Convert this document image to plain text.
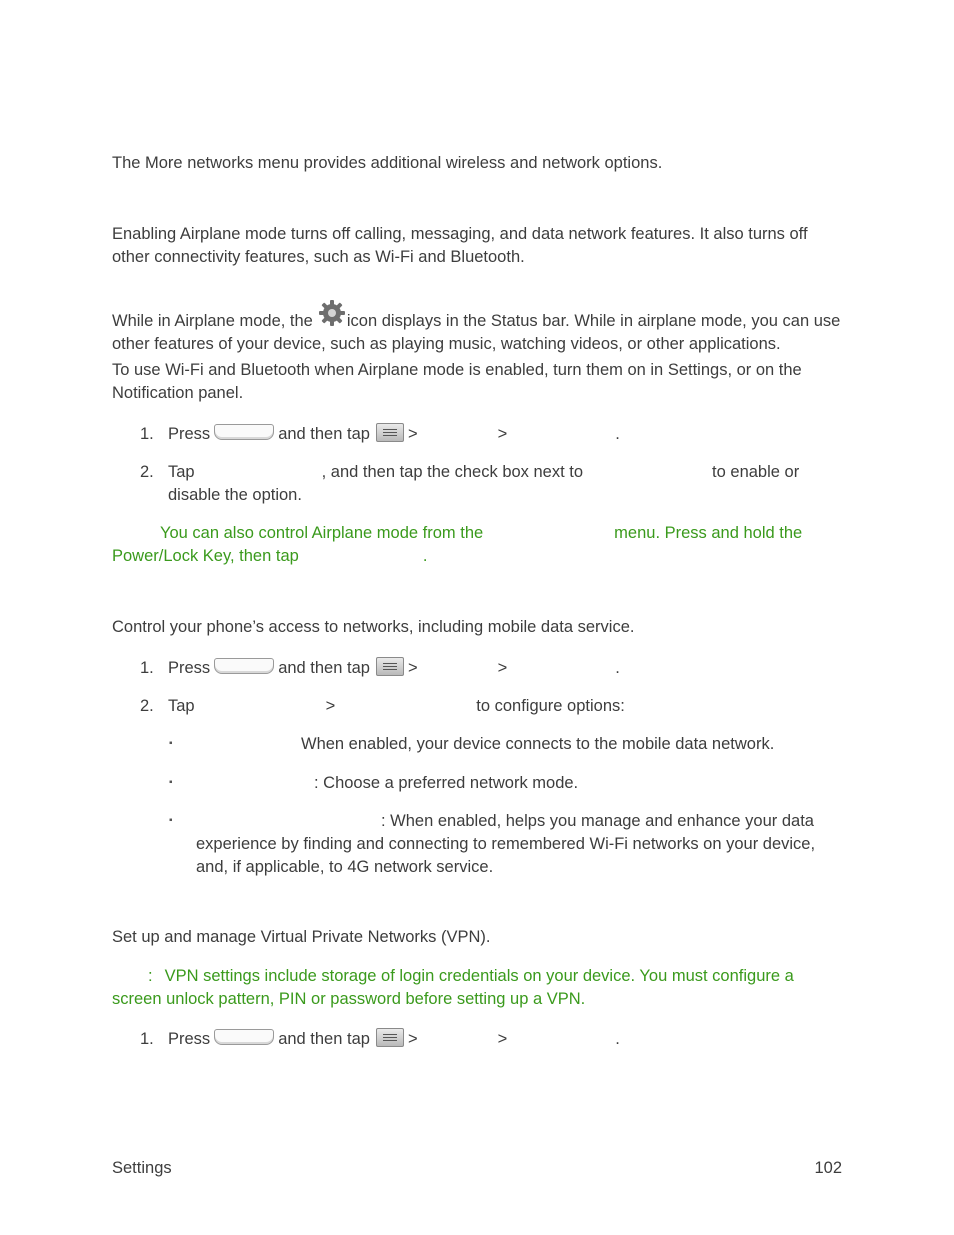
The More networks menu provides additional wireless and network options.

Enabling Airplane mode turns off calling, messaging, and data network features. It also turns off other connectivity features, such as Wi-Fi and Bluetooth.

While in Airplane mode, the icon displays in the Status bar. While in airplane mode, you can use other features of your device, such as playing music, watching videos, or other applications.

To use Wi-Fi and Bluetooth when Airplane mode is enabled, turn them on in Settings, or on the Notification panel.

1. Press	and then tap >	>	.
2. Tap	, and then tap the check box next to	to enable or disable the option.

You can also control Airplane mode from the	menu. Press and hold the Power/Lock Key, then tap	.

Control your phone’s access to networks, including mobile data service.

1. Press	and then tap >	>	.
2. Tap	>	to configure options:
▪	When enabled, your device connects to the mobile data network.
▪	: Choose a preferred network mode.
▪	: When enabled, helps you manage and enhance your data experience by finding and connecting to remembered Wi-Fi networks on your device, and, if applicable, to 4G network service.

Set up and manage Virtual Private Networks (VPN).

: VPN settings include storage of login credentials on your device. You must configure a screen unlock pattern, PIN or password before setting up a VPN.

1. Press	and then tap >	>	.
Settings	102
